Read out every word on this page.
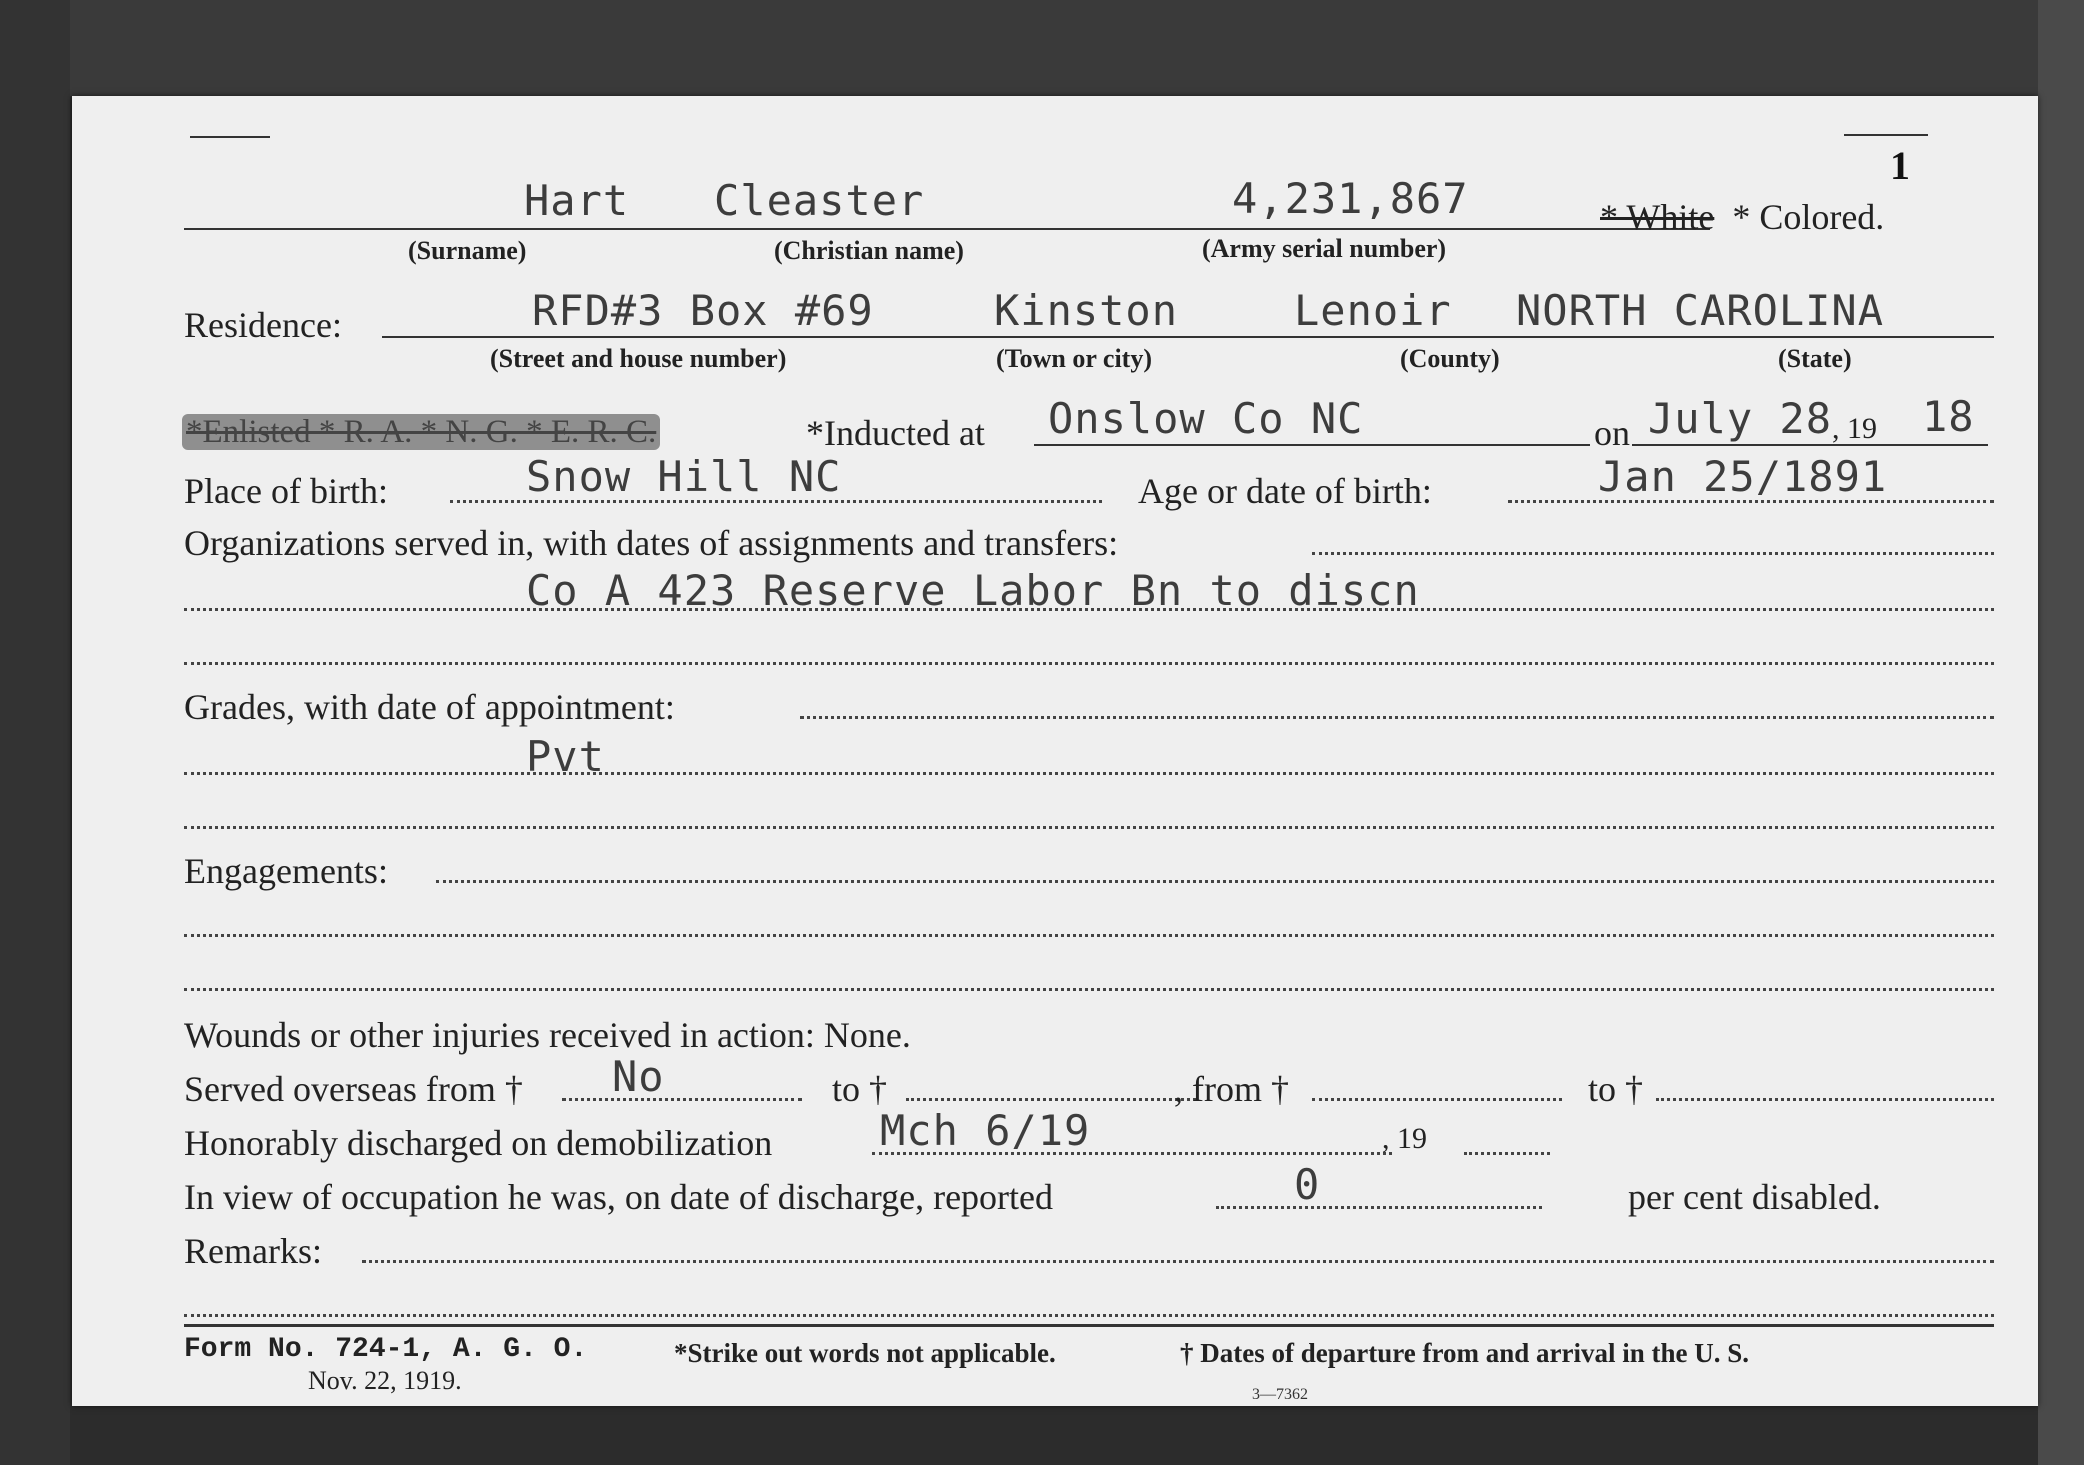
1
Hart Cleaster	4,231,867	* White * Colored.
(Surname)	(Christian name)	(Army serial number)
Residence:	RFD#3 Box #69	Kinston	Lenoir NORTH CAROLINA
(Street and house number)	(Town or city)	(County)	(State)
*Enlisted * R. A. * N. G. * E. R. C.	*Inducted at Onslow Co NC	on July 28 , 19 18
Place of birth:	Snow Hill NC	Age or date of birth:	Jan 25/1891
Organizations served in, with dates of assignments and transfers:
Co A 423 Reserve Labor Bn to discn
Grades, with date of appointment:
Pvt
Engagements:
Wounds or other injuries received in action: None.
Served overseas from † No	to †	, from †	to †
Honorably discharged on demobilization	Mch 6/19	, 19
In view of occupation he was, on date of discharge, reported	0	per cent disabled.
Remarks:
Form No. 724-1, A. G. O.
Nov. 22, 1919.
*Strike out words not applicable.	† Dates of departure from and arrival in the U. S.
3—7362
